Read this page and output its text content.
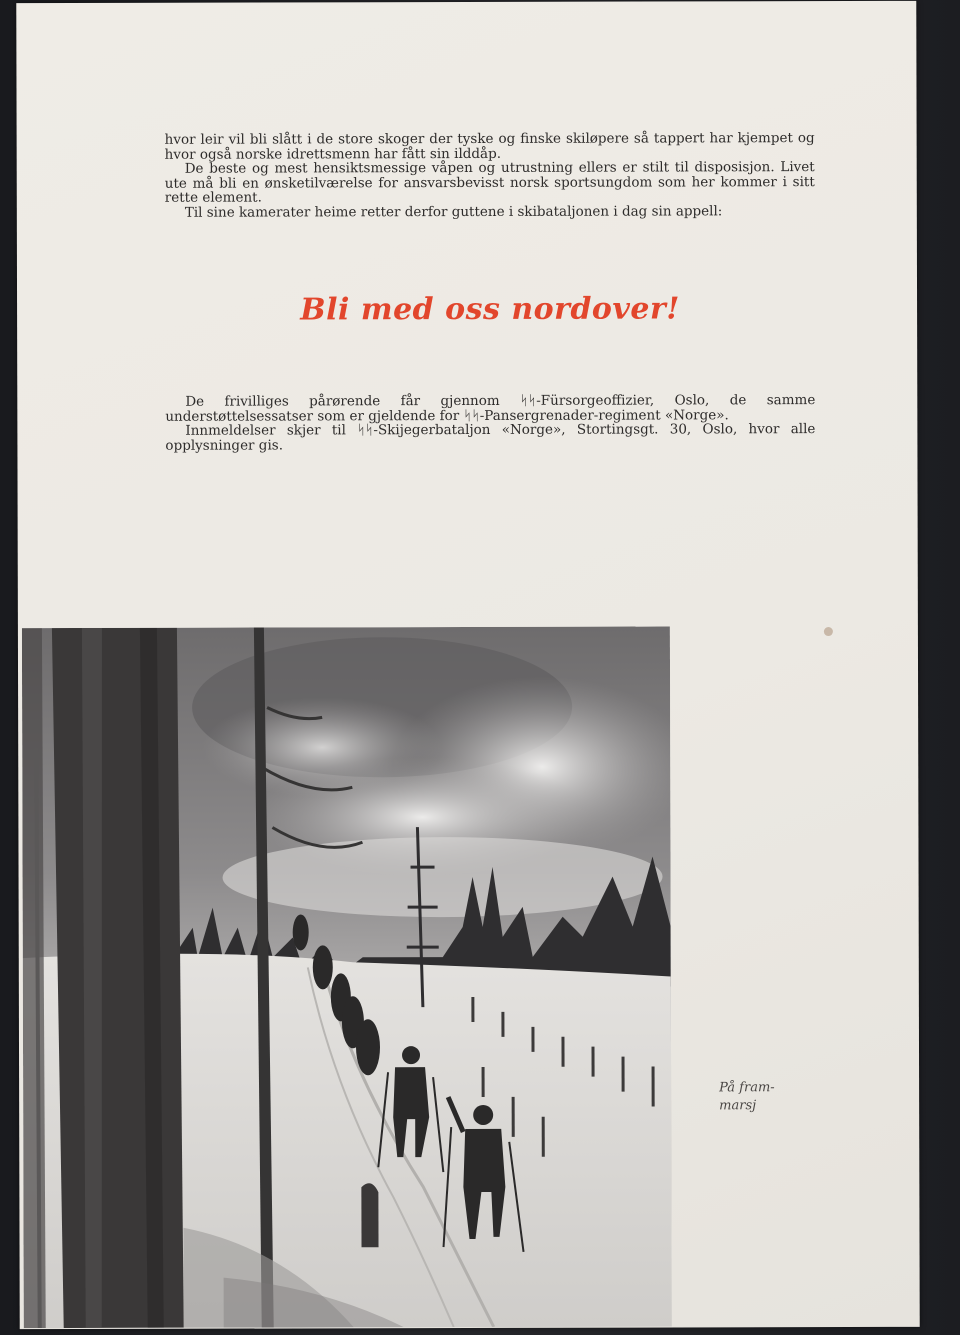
hvor leir vil bli slått i de store skoger der tyske og finske skiløpere så tappert har kjempet og hvor også norske idrettsmenn har fått sin ilddåp.

De beste og mest hensiktsmessige våpen og utrustning ellers er stilt til disposisjon. Livet ute må bli en ønsketilværelse for ansvarsbevisst norsk sportsungdom som her kommer i sitt rette element.

Til sine kamerater heime retter derfor guttene i skibataljonen i dag sin appell:

Bli med oss nordover!

De frivilliges pårørende får gjennom ᛋᛋ-Fürsorgeoffizier, Oslo, de samme understøttelsessatser som er gjeldende for ᛋᛋ-Pansergrenader-regiment «Norge».

Innmeldelser skjer til ᛋᛋ-Skijegerbataljon «Norge», Stortingsgt. 30, Oslo, hvor alle opplysninger gis.

På fram-
marsj
